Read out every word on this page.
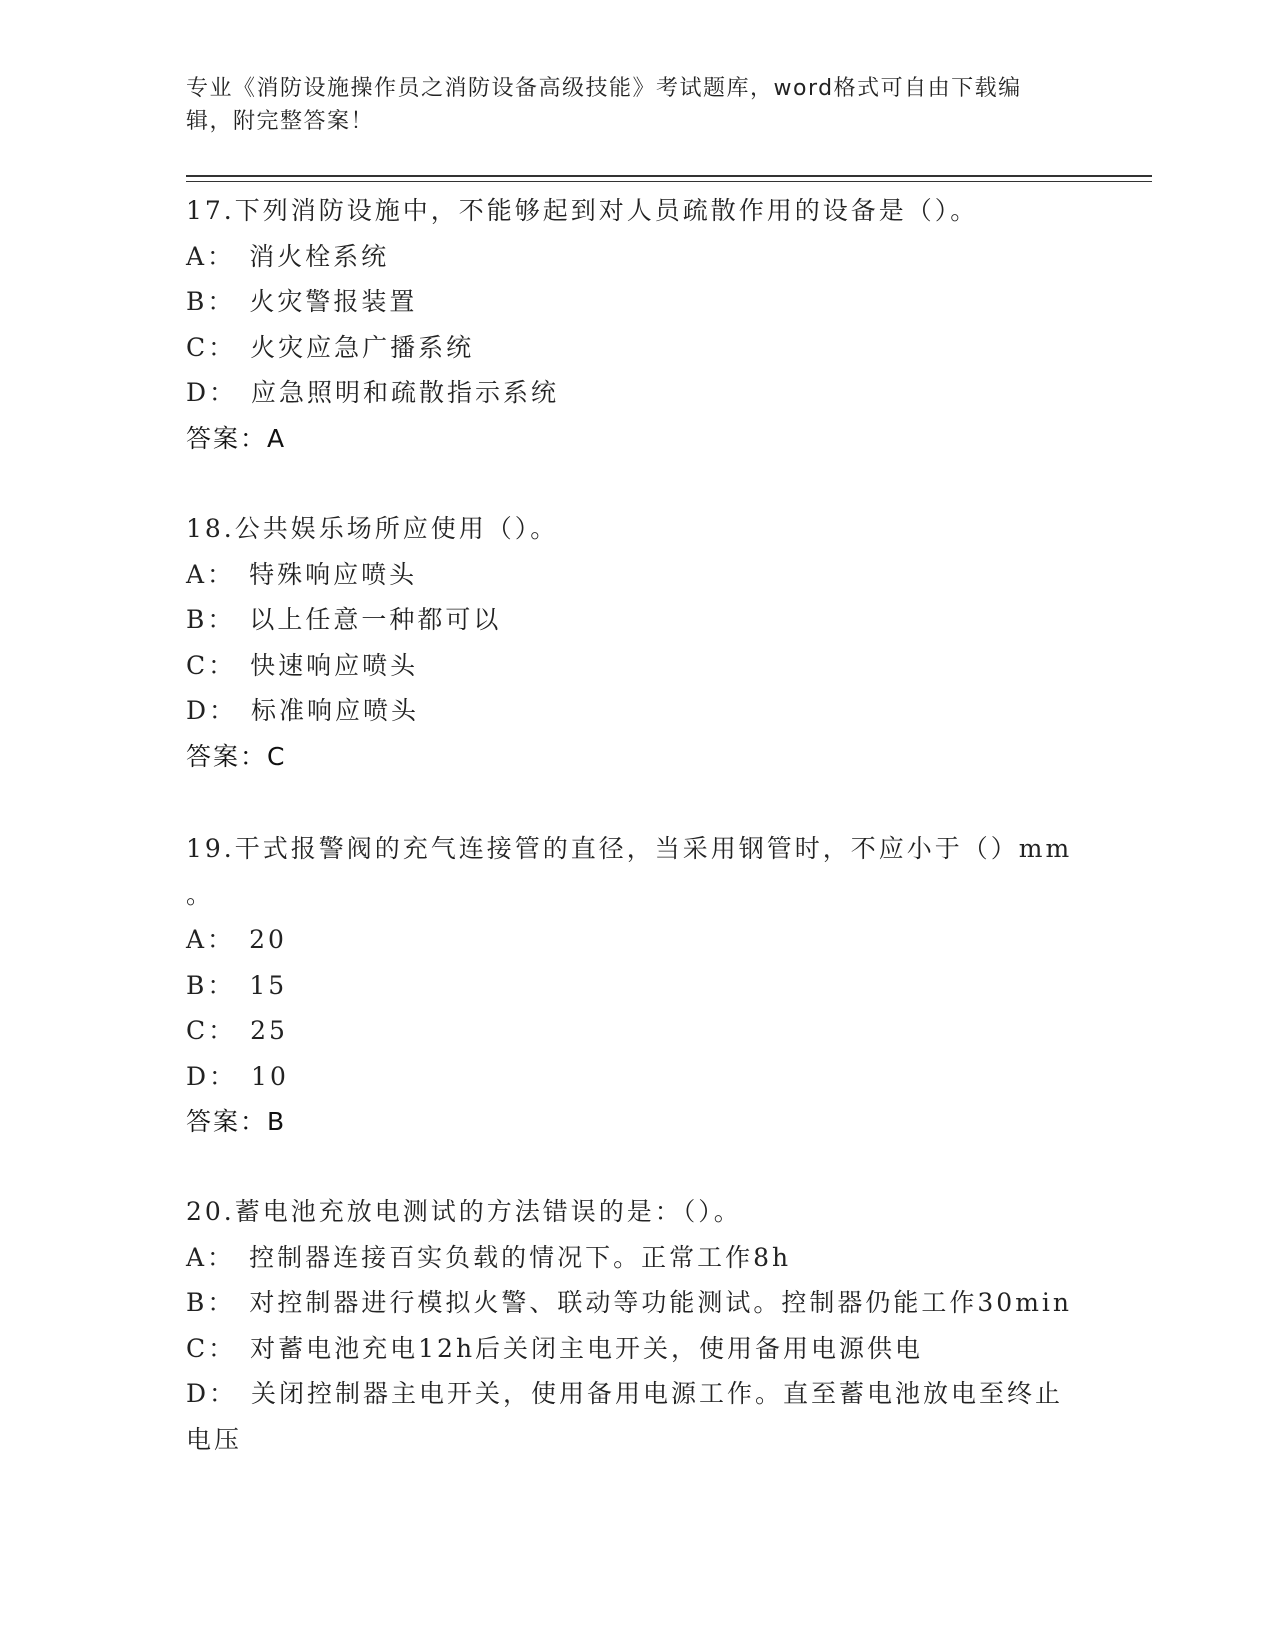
专业《消防设施操作员之消防设备高级技能》考试题库，word格式可自由下载编辑，附完整答案！
17.下列消防设施中，不能够起到对人员疏散作用的设备是（）。
A： 消火栓系统
B： 火灾警报装置
C： 火灾应急广播系统
D： 应急照明和疏散指示系统
答案：A
18.公共娱乐场所应使用（）。
A： 特殊响应喷头
B： 以上任意一种都可以
C： 快速响应喷头
D： 标准响应喷头
答案：C
19.干式报警阀的充气连接管的直径，当采用钢管时，不应小于（）mm
。
A： 20
B： 15
C： 25
D： 10
答案：B
20.蓄电池充放电测试的方法错误的是：（）。
A： 控制器连接百实负载的情况下。正常工作8h
B： 对控制器进行模拟火警、联动等功能测试。控制器仍能工作30min
C： 对蓄电池充电12h后关闭主电开关，使用备用电源供电
D： 关闭控制器主电开关，使用备用电源工作。直至蓄电池放电至终止电压
